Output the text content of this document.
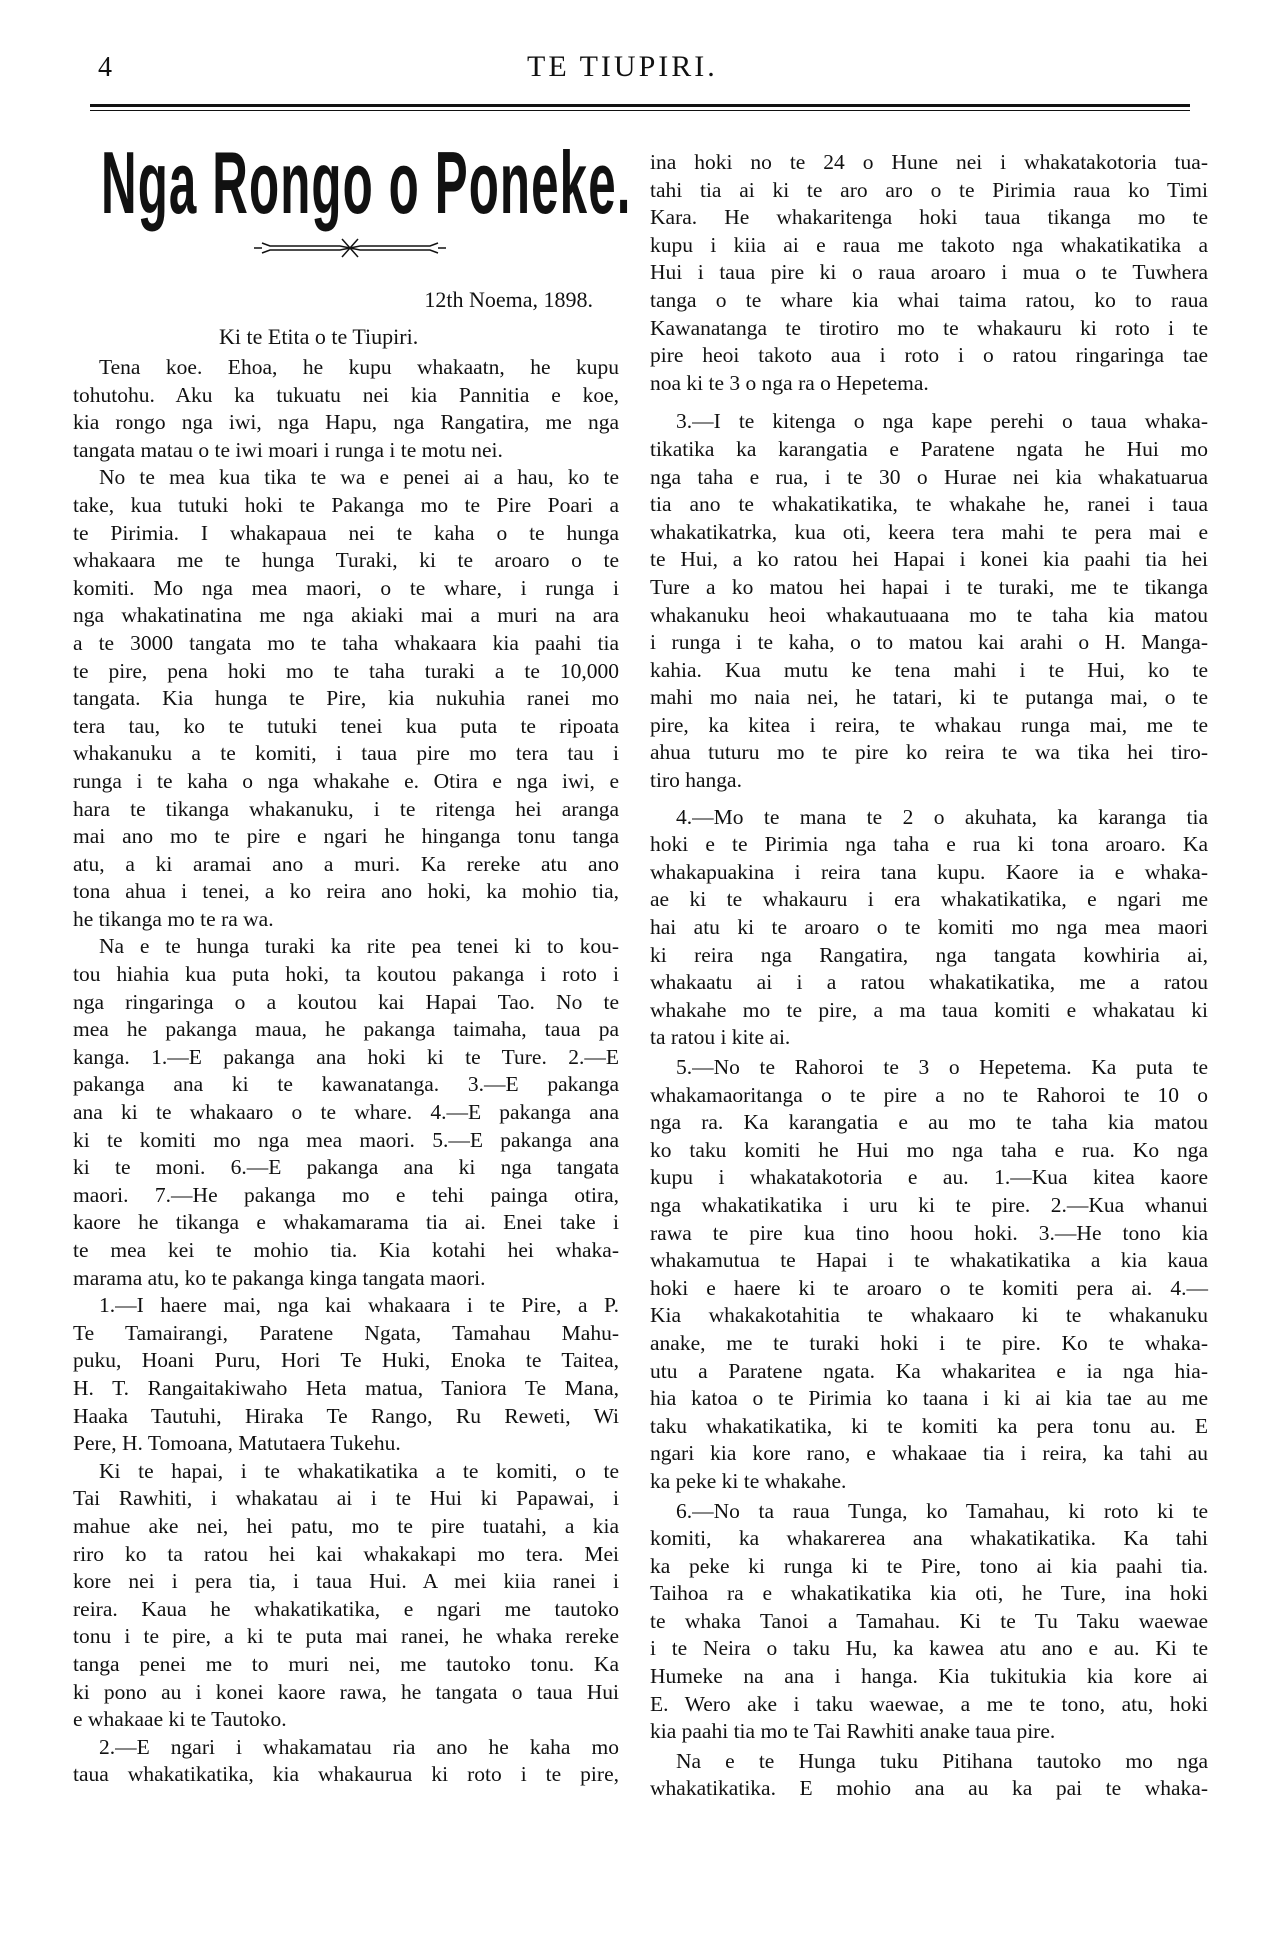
4	TE TIUPIRI.
Nga Rongo o Poneke.
12th Noema, 1898.
Ki te Etita o te Tiupiri.
Tena koe. Ehoa, he kupu whakaatn, he kupu
tohutohu. Aku ka tukuatu nei kia Pannitia e koe,
kia rongo nga iwi, nga Hapu, nga Rangatira, me nga
tangata matau o te iwi moari i runga i te motu nei.
No te mea kua tika te wa e penei ai a hau, ko te
take, kua tutuki hoki te Pakanga mo te Pire Poari a
te Pirimia. I whakapaua nei te kaha o te hunga
whakaara me te hunga Turaki, ki te aroaro o te
komiti. Mo nga mea maori, o te whare, i runga i
nga whakatinatina me nga akiaki mai a muri na ara
a te 3000 tangata mo te taha whakaara kia paahi tia
te pire, pena hoki mo te taha turaki a te 10,000
tangata. Kia hunga te Pire, kia nukuhia ranei mo
tera tau, ko te tutuki tenei kua puta te ripoata
whakanuku a te komiti, i taua pire mo tera tau i
runga i te kaha o nga whakahe e. Otira e nga iwi, e
hara te tikanga whakanuku, i te ritenga hei aranga
mai ano mo te pire e ngari he hinganga tonu tanga
atu, a ki aramai ano a muri. Ka rereke atu ano
tona ahua i tenei, a ko reira ano hoki, ka mohio tia,
he tikanga mo te ra wa.
Na e te hunga turaki ka rite pea tenei ki to kou-
tou hiahia kua puta hoki, ta koutou pakanga i roto i
nga ringaringa o a koutou kai Hapai Tao. No te
mea he pakanga maua, he pakanga taimaha, taua pa
kanga. 1.—E pakanga ana hoki ki te Ture. 2.—E
pakanga ana ki te kawanatanga. 3.—E pakanga
ana ki te whakaaro o te whare. 4.—E pakanga ana
ki te komiti mo nga mea maori. 5.—E pakanga ana
ki te moni. 6.—E pakanga ana ki nga tangata
maori. 7.—He pakanga mo e tehi painga otira,
kaore he tikanga e whakamarama tia ai. Enei take i
te mea kei te mohio tia. Kia kotahi hei whaka-
marama atu, ko te pakanga kinga tangata maori.
1.—I haere mai, nga kai whakaara i te Pire, a P.
Te Tamairangi, Paratene Ngata, Tamahau Mahu-
puku, Hoani Puru, Hori Te Huki, Enoka te Taitea,
H. T. Rangaitakiwaho Heta matua, Taniora Te Mana,
Haaka Tautuhi, Hiraka Te Rango, Ru Reweti, Wi
Pere, H. Tomoana, Matutaera Tukehu.
Ki te hapai, i te whakatikatika a te komiti, o te
Tai Rawhiti, i whakatau ai i te Hui ki Papawai, i
mahue ake nei, hei patu, mo te pire tuatahi, a kia
riro ko ta ratou hei kai whakakapi mo tera. Mei
kore nei i pera tia, i taua Hui. A mei kiia ranei i
reira. Kaua he whakatikatika, e ngari me tautoko
tonu i te pire, a ki te puta mai ranei, he whaka rereke
tanga penei me to muri nei, me tautoko tonu. Ka
ki pono au i konei kaore rawa, he tangata o taua Hui
e whakaae ki te Tautoko.
2.—E ngari i whakamatau ria ano he kaha mo
taua whakatikatika, kia whakaurua ki roto i te pire,
ina hoki no te 24 o Hune nei i whakatakotoria tua-
tahi tia ai ki te aro aro o te Pirimia raua ko Timi
Kara. He whakaritenga hoki taua tikanga mo te
kupu i kiia ai e raua me takoto nga whakatikatika a
Hui i taua pire ki o raua aroaro i mua o te Tuwhera
tanga o te whare kia whai taima ratou, ko to raua
Kawanatanga te tirotiro mo te whakauru ki roto i te
pire heoi takoto aua i roto i o ratou ringaringa tae
noa ki te 3 o nga ra o Hepetema.
3.—I te kitenga o nga kape perehi o taua whaka-
tikatika ka karangatia e Paratene ngata he Hui mo
nga taha e rua, i te 30 o Hurae nei kia whakatuarua
tia ano te whakatikatika, te whakahe he, ranei i taua
whakatikatrka, kua oti, keera tera mahi te pera mai e
te Hui, a ko ratou hei Hapai i konei kia paahi tia hei
Ture a ko matou hei hapai i te turaki, me te tikanga
whakanuku heoi whakautuaana mo te taha kia matou
i runga i te kaha, o to matou kai arahi o H. Manga-
kahia. Kua mutu ke tena mahi i te Hui, ko te
mahi mo naia nei, he tatari, ki te putanga mai, o te
pire, ka kitea i reira, te whakau runga mai, me te
ahua tuturu mo te pire ko reira te wa tika hei tiro-
tiro hanga.
4.—Mo te mana te 2 o akuhata, ka karanga tia
hoki e te Pirimia nga taha e rua ki tona aroaro. Ka
whakapuakina i reira tana kupu. Kaore ia e whaka-
ae ki te whakauru i era whakatikatika, e ngari me
hai atu ki te aroaro o te komiti mo nga mea maori
ki reira nga Rangatira, nga tangata kowhiria ai,
whakaatu ai i a ratou whakatikatika, me a ratou
whakahe mo te pire, a ma taua komiti e whakatau ki
ta ratou i kite ai.
5.—No te Rahoroi te 3 o Hepetema. Ka puta te
whakamaoritanga o te pire a no te Rahoroi te 10 o
nga ra. Ka karangatia e au mo te taha kia matou
ko taku komiti he Hui mo nga taha e rua. Ko nga
kupu i whakatakotoria e au. 1.—Kua kitea kaore
nga whakatikatika i uru ki te pire. 2.—Kua whanui
rawa te pire kua tino hoou hoki. 3.—He tono kia
whakamutua te Hapai i te whakatikatika a kia kaua
hoki e haere ki te aroaro o te komiti pera ai. 4.—
Kia whakakotahitia te whakaaro ki te whakanuku
anake, me te turaki hoki i te pire. Ko te whaka-
utu a Paratene ngata. Ka whakaritea e ia nga hia-
hia katoa o te Pirimia ko taana i ki ai kia tae au me
taku whakatikatika, ki te komiti ka pera tonu au. E
ngari kia kore rano, e whakaae tia i reira, ka tahi au
ka peke ki te whakahe.
6.—No ta raua Tunga, ko Tamahau, ki roto ki te
komiti, ka whakarerea ana whakatikatika. Ka tahi
ka peke ki runga ki te Pire, tono ai kia paahi tia.
Taihoa ra e whakatikatika kia oti, he Ture, ina hoki
te whaka Tanoi a Tamahau. Ki te Tu Taku waewae
i te Neira o taku Hu, ka kawea atu ano e au. Ki te
Humeke na ana i hanga. Kia tukitukia kia kore ai
E. Wero ake i taku waewae, a me te tono, atu, hoki
kia paahi tia mo te Tai Rawhiti anake taua pire.
Na e te Hunga tuku Pitihana tautoko mo nga
whakatikatika. E mohio ana au ka pai te whaka-
